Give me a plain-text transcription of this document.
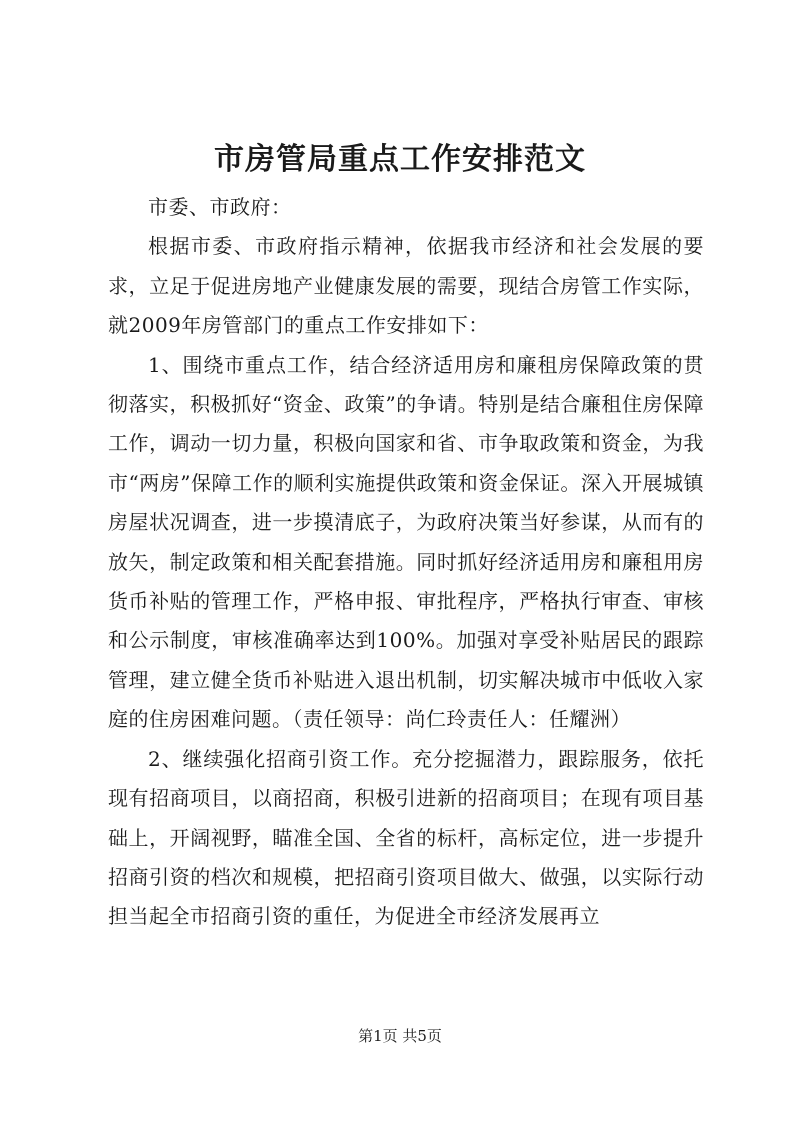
市房管局重点工作安排范文

市委、市政府：

根据市委、市政府指示精神，依据我市经济和社会发展的要求，立足于促进房地产业健康发展的需要，现结合房管工作实际，就2009年房管部门的重点工作安排如下：

1、围绕市重点工作，结合经济适用房和廉租房保障政策的贯彻落实，积极抓好“资金、政策”的争请。特别是结合廉租住房保障工作，调动一切力量，积极向国家和省、市争取政策和资金，为我市“两房”保障工作的顺利实施提供政策和资金保证。深入开展城镇房屋状况调查，进一步摸清底子，为政府决策当好参谋，从而有的放矢，制定政策和相关配套措施。同时抓好经济适用房和廉租用房货币补贴的管理工作，严格申报、审批程序，严格执行审查、审核和公示制度，审核准确率达到100%。加强对享受补贴居民的跟踪管理，建立健全货币补贴进入退出机制，切实解决城市中低收入家庭的住房困难问题。（责任领导：尚仁玲责任人：任耀洲）

2、继续强化招商引资工作。充分挖掘潜力，跟踪服务，依托现有招商项目，以商招商，积极引进新的招商项目；在现有项目基础上，开阔视野，瞄准全国、全省的标杆，高标定位，进一步提升招商引资的档次和规模，把招商引资项目做大、做强，以实际行动担当起全市招商引资的重任，为促进全市经济发展再立

第1页 共5页
